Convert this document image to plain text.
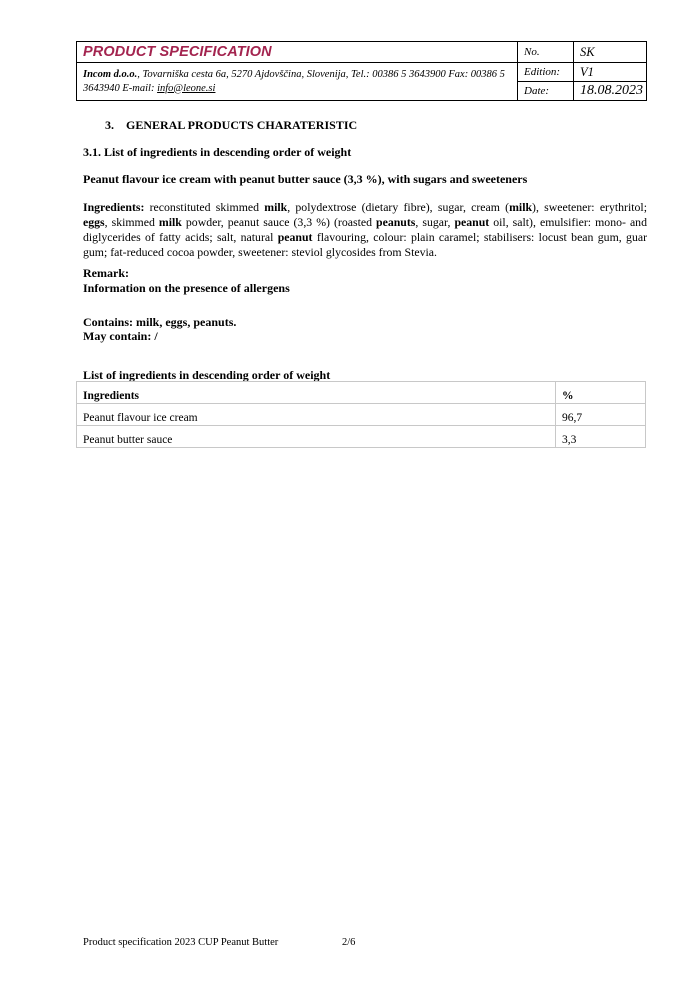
PRODUCT SPECIFICATION	No.	SK
Incom d.o.o., Tovarniška cesta 6a, 5270 Ajdovščina, Slovenija, Tel.: 00386 5 3643900 Fax: 00386 5 3643940 E-mail: info@leone.si	Edition:	V1
	Date:	18.08.2023
3. GENERAL PRODUCTS CHARATERISTIC
3.1. List of ingredients in descending order of weight
Peanut flavour ice cream with peanut butter sauce (3,3 %), with sugars and sweeteners
Ingredients: reconstituted skimmed milk, polydextrose (dietary fibre), sugar, cream (milk), sweetener: erythritol; eggs, skimmed milk powder, peanut sauce (3,3 %) (roasted peanuts, sugar, peanut oil, salt), emulsifier: mono- and diglycerides of fatty acids; salt, natural peanut flavouring, colour: plain caramel; stabilisers: locust bean gum, guar gum; fat-reduced cocoa powder, sweetener: steviol glycosides from Stevia.
Remark:
Information on the presence of allergens
Contains: milk, eggs, peanuts.
May contain: /
List of ingredients in descending order of weight
Ingredients	%
Peanut flavour ice cream	96,7
Peanut butter sauce	3,3
Product specification 2023 CUP Peanut Butter	2/6
